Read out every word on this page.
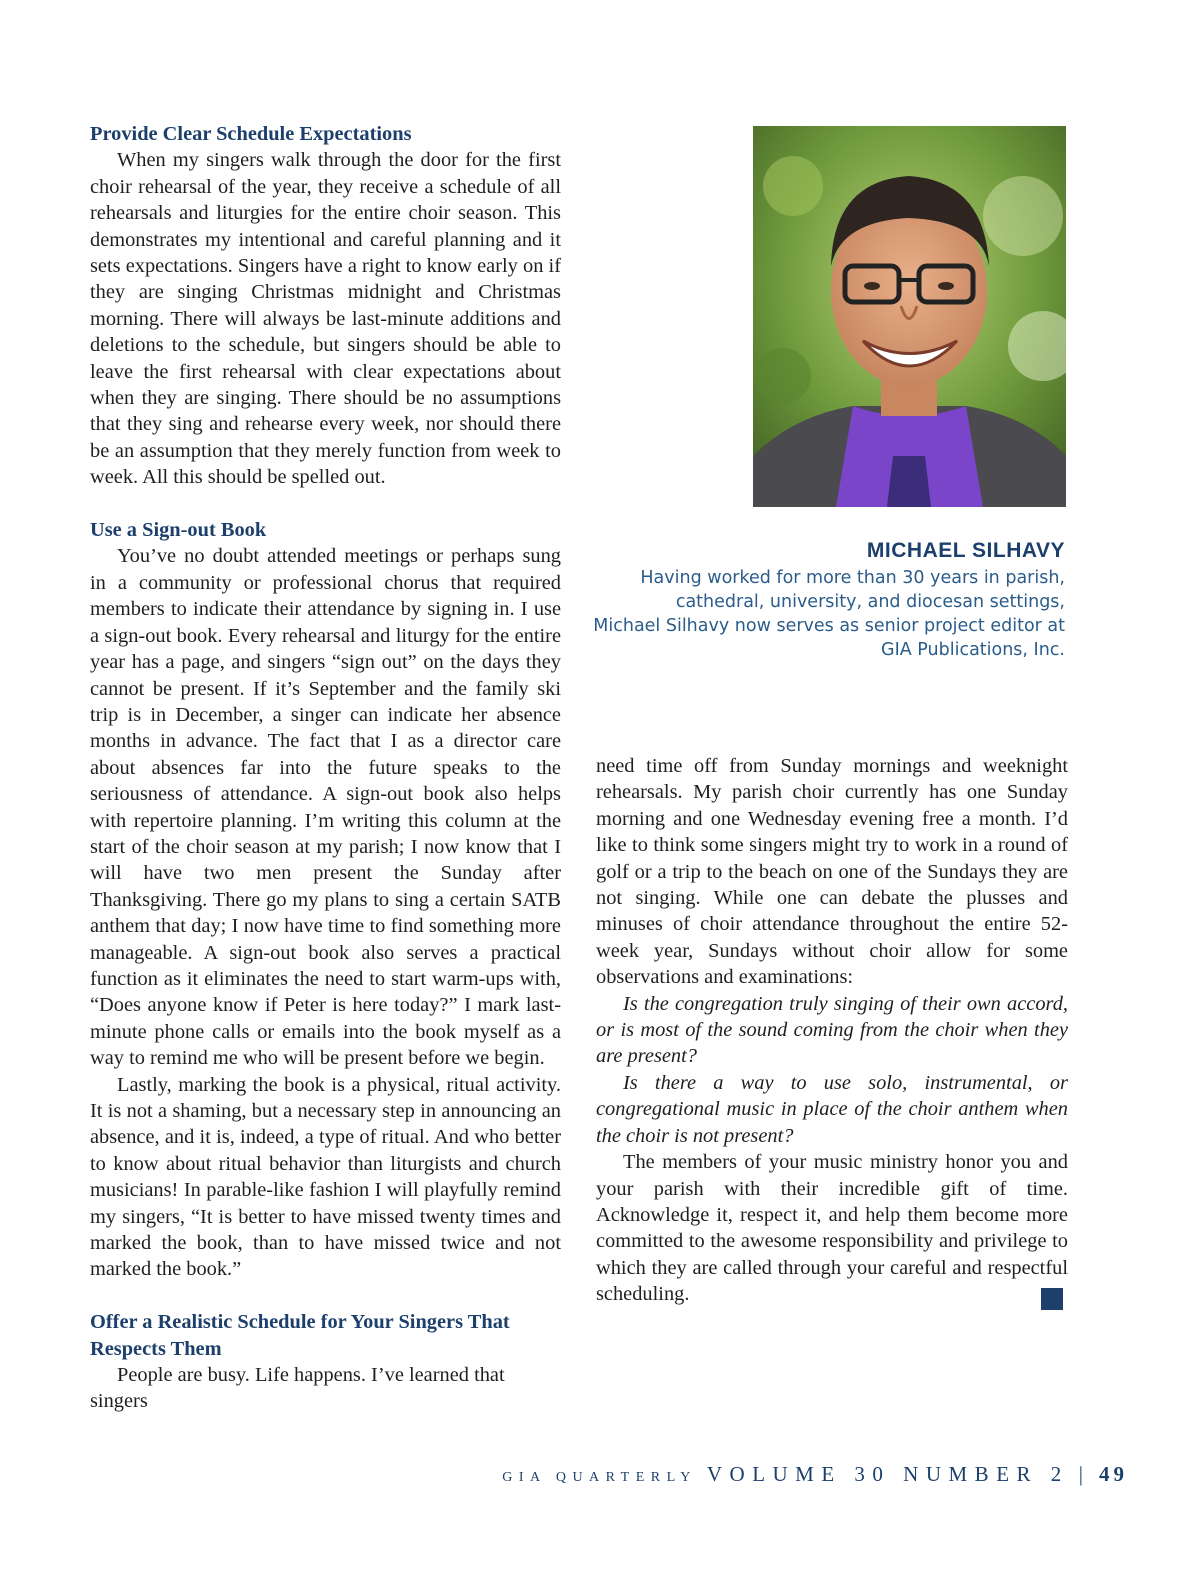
Provide Clear Schedule Expectations

When my singers walk through the door for the first choir rehearsal of the year, they receive a schedule of all rehearsals and liturgies for the entire choir season. This demonstrates my intentional and careful planning and it sets expectations. Singers have a right to know early on if they are singing Christmas midnight and Christmas morning. There will always be last-minute additions and deletions to the schedule, but singers should be able to leave the first rehearsal with clear expectations about when they are singing. There should be no assumptions that they sing and rehearse every week, nor should there be an assumption that they merely function from week to week. All this should be spelled out.

Use a Sign-out Book

You’ve no doubt attended meetings or perhaps sung in a community or professional chorus that required members to indicate their attendance by signing in. I use a sign-out book. Every rehearsal and liturgy for the entire year has a page, and singers “sign out” on the days they cannot be present. If it’s September and the family ski trip is in December, a singer can indicate her absence months in advance. The fact that I as a director care about absences far into the future speaks to the seriousness of attendance. A sign-out book also helps with repertoire planning. I’m writing this column at the start of the choir season at my parish; I now know that I will have two men present the Sunday after Thanksgiving. There go my plans to sing a certain SATB anthem that day; I now have time to find something more manageable. A sign-out book also serves a practical function as it eliminates the need to start warm-ups with, “Does anyone know if Peter is here today?” I mark last-minute phone calls or emails into the book myself as a way to remind me who will be present before we begin.

Lastly, marking the book is a physical, ritual activity. It is not a shaming, but a necessary step in announcing an absence, and it is, indeed, a type of ritual. And who better to know about ritual behavior than liturgists and church musicians! In parable-like fashion I will playfully remind my singers, “It is better to have missed twenty times and marked the book, than to have missed twice and not marked the book.”

Offer a Realistic Schedule for Your Singers That Respects Them

People are busy. Life happens. I’ve learned that singers

MICHAEL SILHAVY
Having worked for more than 30 years in parish,
cathedral, university, and diocesan settings,
Michael Silhavy now serves as senior project editor at
GIA Publications, Inc.

need time off from Sunday mornings and weeknight rehearsals. My parish choir currently has one Sunday morning and one Wednesday evening free a month. I’d like to think some singers might try to work in a round of golf or a trip to the beach on one of the Sundays they are not singing. While one can debate the plusses and minuses of choir attendance throughout the entire 52-week year, Sundays without choir allow for some observations and examinations:

Is the congregation truly singing of their own accord, or is most of the sound coming from the choir when they are present?

Is there a way to use solo, instrumental, or congregational music in place of the choir anthem when the choir is not present?

The members of your music ministry honor you and your parish with their incredible gift of time. Acknowledge it, respect it, and help them become more committed to the awesome responsibility and privilege to which they are called through your careful and respectful scheduling.

GIA QUARTERLY VOLUME 30 NUMBER 2 | 49
